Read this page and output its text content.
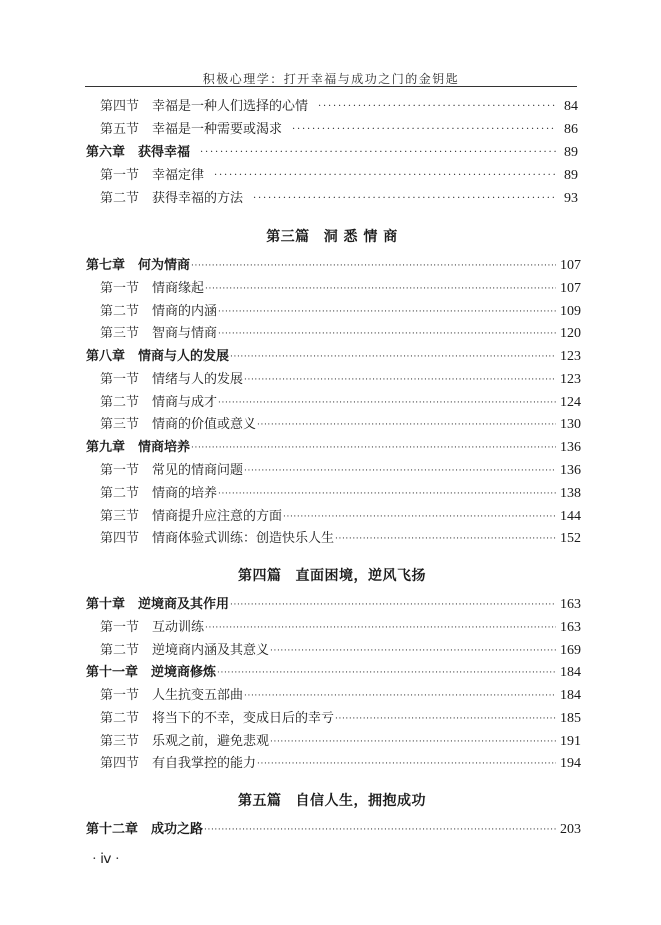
积极心理学：打开幸福与成功之门的金钥匙
第四节 幸福是一种人们选择的心情 ·····	84
第五节 幸福是一种需要或渴求 ·····	86
第六章 获得幸福 ·····	89
第一节 幸福定律 ·····	89
第二节 获得幸福的方法 ·····	93
第三篇 洞 悉 情 商
第七章 何为情商 ·····	107
第一节 情商缘起 ·····	107
第二节 情商的内涵 ·····	109
第三节 智商与情商 ·····	120
第八章 情商与人的发展 ·····	123
第一节 情绪与人的发展 ·····	123
第二节 情商与成才 ·····	124
第三节 情商的价值或意义 ·····	130
第九章 情商培养 ·····	136
第一节 常见的情商问题 ·····	136
第二节 情商的培养 ·····	138
第三节 情商提升应注意的方面 ·····	144
第四节 情商体验式训练：创造快乐人生 ·····	152
第四篇 直面困境，逆风飞扬
第十章 逆境商及其作用 ·····	163
第一节 互动训练 ·····	163
第二节 逆境商内涵及其意义 ·····	169
第十一章 逆境商修炼 ·····	184
第一节 人生抗变五部曲 ·····	184
第二节 将当下的不幸，变成日后的幸亏 ·····	185
第三节 乐观之前，避免悲观 ·····	191
第四节 有自我掌控的能力 ·····	194
第五篇 自信人生，拥抱成功
第十二章 成功之路 ·····	203
· ⅳ ·
